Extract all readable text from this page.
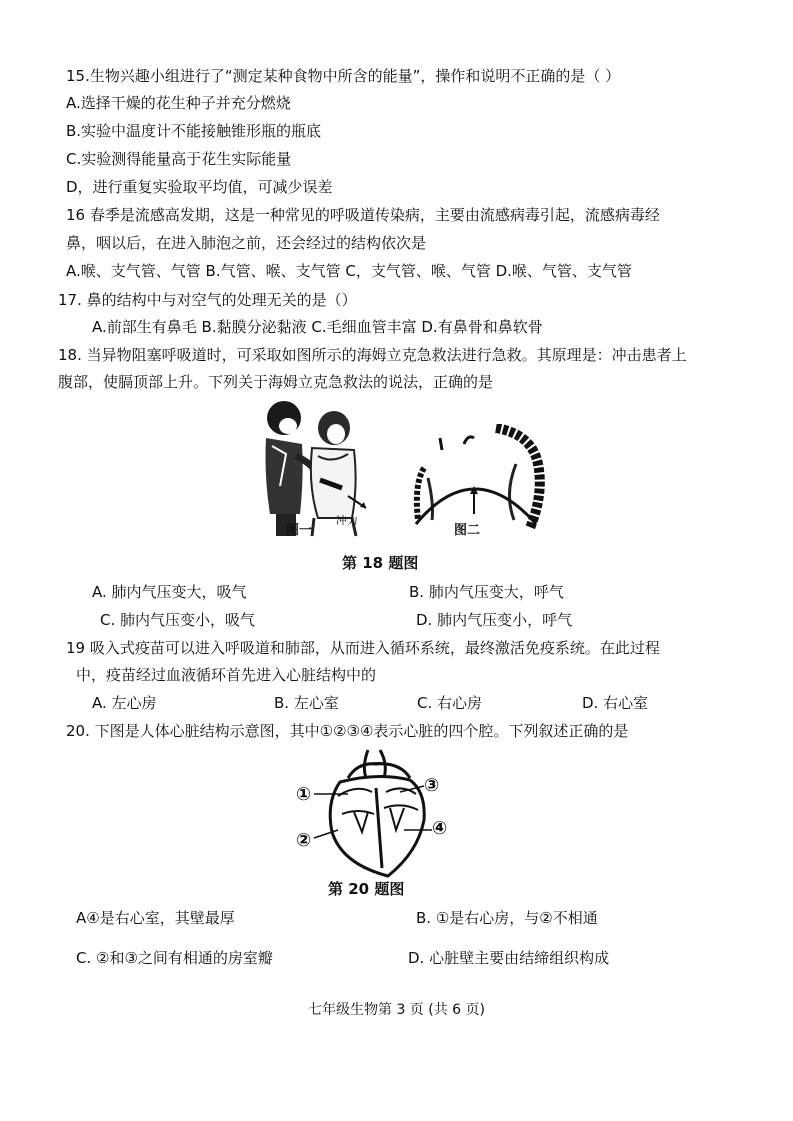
15.生物兴趣小组进行了“测定某种食物中所含的能量”，操作和说明不正确的是（ ）
A.选择干燥的花生种子并充分燃烧
B.实验中温度计不能接触锥形瓶的瓶底
C.实验测得能量高于花生实际能量
D，进行重复实验取平均值，可减少误差
16 春季是流感高发期，这是一种常见的呼吸道传染病，主要由流感病毒引起，流感病毒经
鼻，咽以后，在进入肺泡之前，还会经过的结构依次是
A.喉、支气管、气管 B.气管、喉、支气管 C，支气管、喉、气管 D.喉、气管、支气管
17. 鼻的结构中与对空气的处理无关的是（）
A.前部生有鼻毛 B.黏膜分泌黏液 C.毛细血管丰富 D.有鼻骨和鼻软骨
18. 当异物阻塞呼吸道时，可采取如图所示的海姆立克急救法进行急救。其原理是：冲击患者上
腹部，使膈顶部上升。下列关于海姆立克急救法的说法，正确的是
图一
冲力
图二
第 18 题图
A. 肺内气压变大，吸气	B. 肺内气压变大，呼气
C. 肺内气压变小，吸气	D. 肺内气压变小，呼气
19 吸入式疫苗可以进入呼吸道和肺部，从而进入循环系统，最终激活免疫系统。在此过程
中，疫苗经过血液循环首先进入心脏结构中的
A. 左心房	B. 左心室	C. 右心房	D. 右心室
20. 下图是人体心脏结构示意图，其中①②③④表示心脏的四个腔。下列叙述正确的是
①
②
③
④
第 20 题图
A④是右心室，其壁最厚	B. ①是右心房，与②不相通
C. ②和③之间有相通的房室瓣	D. 心脏壁主要由结缔组织构成
七年级生物第 3 页 (共 6 页)
